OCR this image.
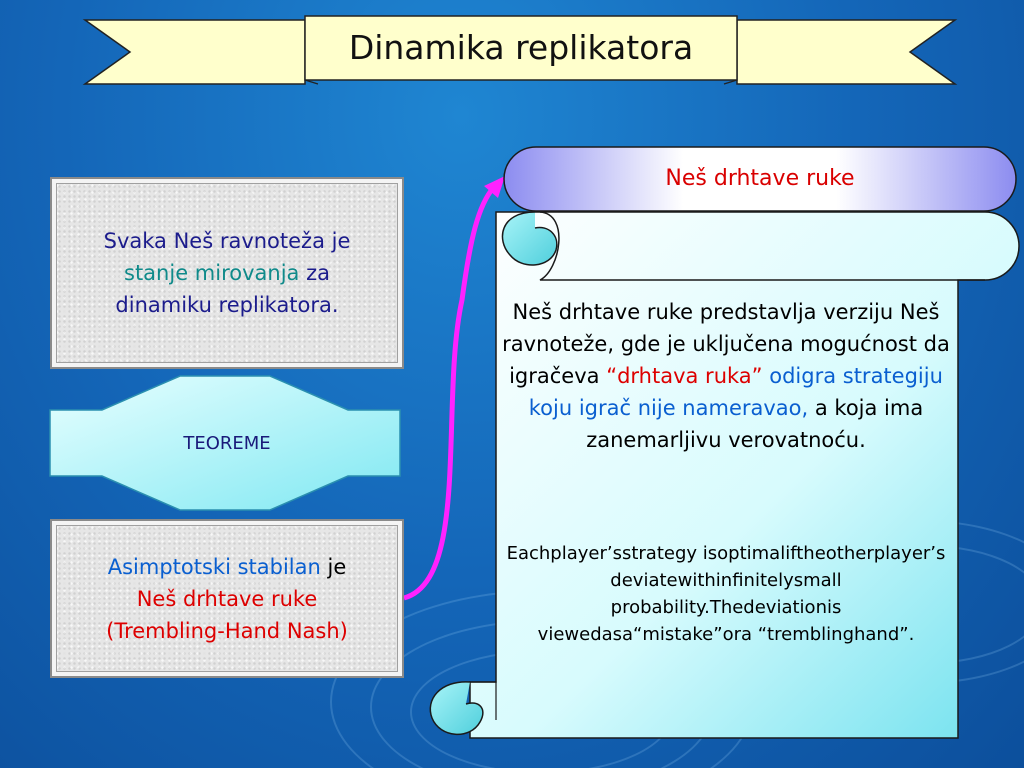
Dinamika replikatora
Svaka Neš ravnoteža je
stanje mirovanja za
dinamiku replikatora.
TEOREME
Asimptotski stabilan je
Neš drhtave ruke
(Trembling-Hand Nash)
Neš drhtave ruke

Neš drhtave ruke predstavlja verziju Neš ravnoteže, gde je uključena mogućnost da igračeva “drhtava ruka” odigra strategiju koju igrač nije nameravao, a koja ima zanemarljivu verovatnoću.

Eachplayer’sstrategy isoptimaliftheotherplayer’s deviatewithinfinitelysmall probability.Thedeviationis viewedasa“mistake”ora “tremblinghand”.
